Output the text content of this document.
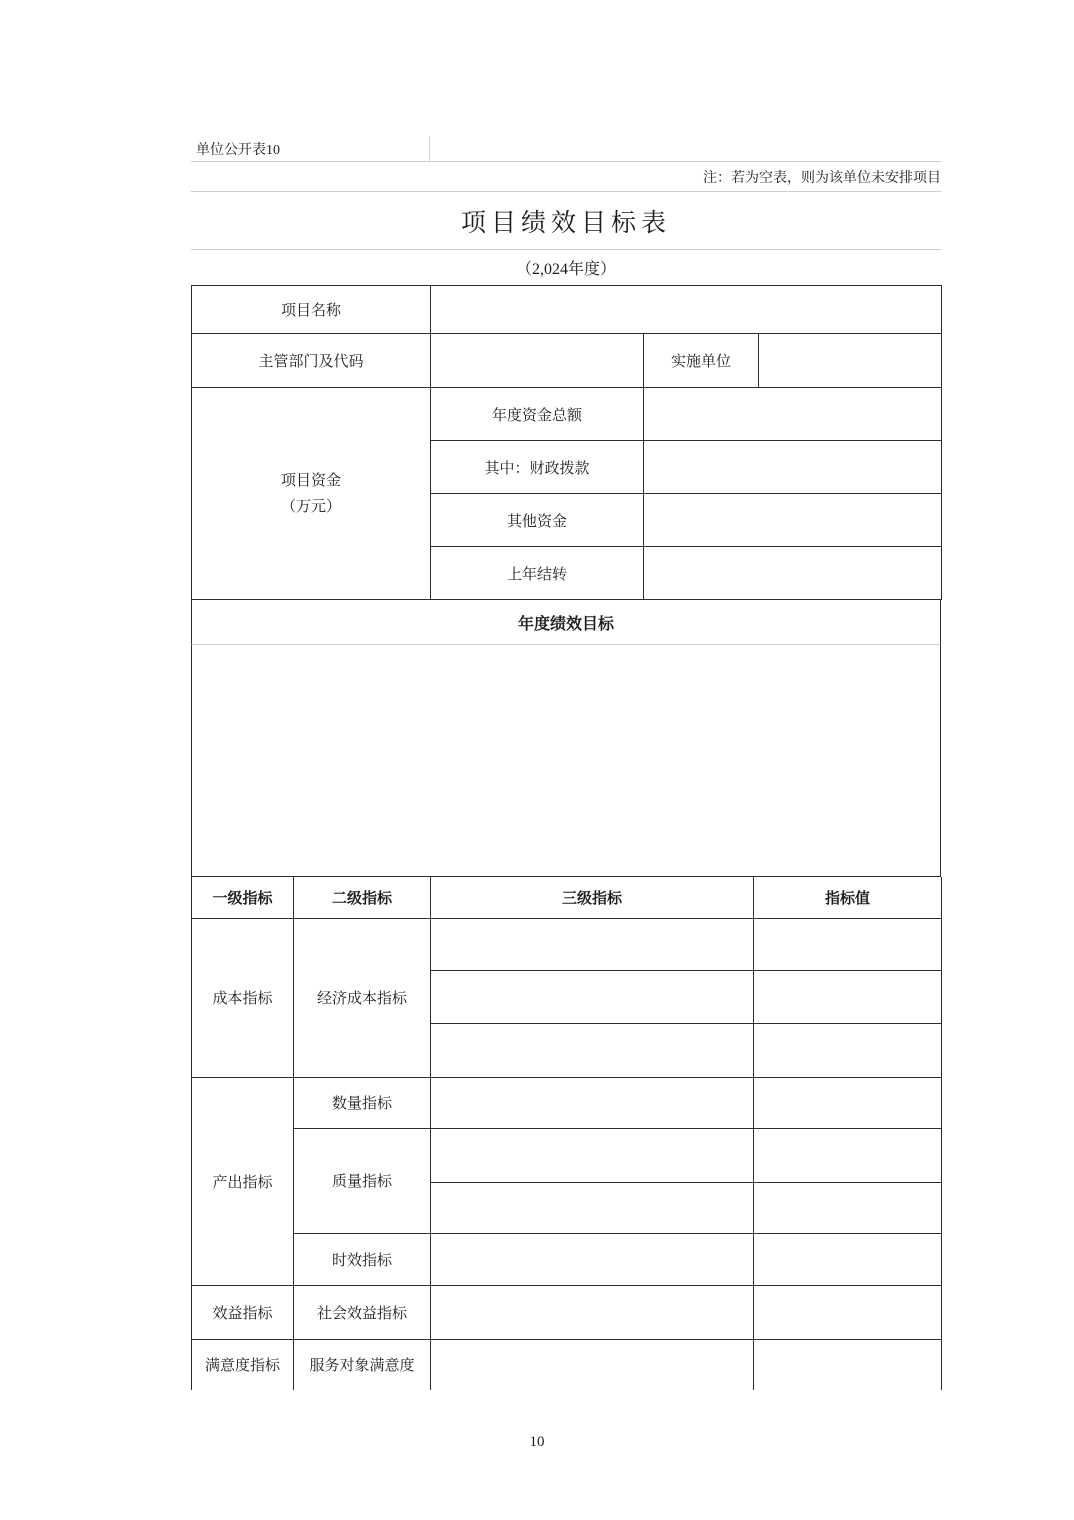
单位公开表10
注：若为空表，则为该单位未安排项目
项目绩效目标表
（2,024年度）
项目名称			
主管部门及代码		实施单位	

项目资金
（万元）	年度资金总额		
	其中：财政拨款		
	其他资金		
	上年结转		
年度绩效目标
一级指标	二级指标	三级指标	指标值
成本指标	经济成本指标		

产出指标	数量指标		
	质量指标		

	时效指标		
效益指标	社会效益指标		
满意度指标	服务对象满意度		
10
